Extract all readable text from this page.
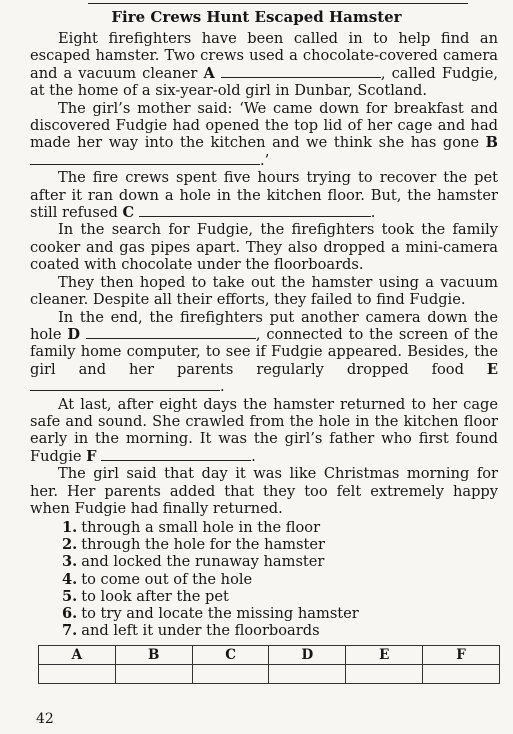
Fire Crews Hunt Escaped Hamster

Eight firefighters have been called in to help find an escaped hamster. Two crews used a chocolate-covered camera and a vacuum cleaner A	, called Fudgie, at the home of a six-year-old girl in Dunbar, Scotland.

The girl’s mother said: ‘We came down for breakfast and discovered Fudgie had opened the top lid of her cage and had made her way into the kitchen and we think she has gone B .’

The fire crews spent five hours trying to recover the pet after it ran down a hole in the kitchen floor. But, the hamster still refused C	.

In the search for Fudgie, the firefighters took the family cooker and gas pipes apart. They also dropped a mini-camera coated with chocolate under the floorboards.

They then hoped to take out the hamster using a vacuum cleaner. Despite all their efforts, they failed to find Fudgie.

In the end, the firefighters put another camera down the hole D	, connected to the screen of the family home computer, to see if Fudgie appeared. Besides, the girl and her parents regularly dropped food E .

At last, after eight days the hamster returned to her cage safe and sound. She crawled from the hole in the kitchen floor early in the morning. It was the girl’s father who first found Fudgie F	.

The girl said that day it was like Christmas morning for her. Her parents added that they too felt extremely happy when Fudgie had finally returned.

1. through a small hole in the floor
2. through the hole for the hamster
3. and locked the runaway hamster
4. to come out of the hole
5. to look after the pet
6. to try and locate the missing hamster
7. and left it under the floorboards
A	B	C	D	E	F

42
